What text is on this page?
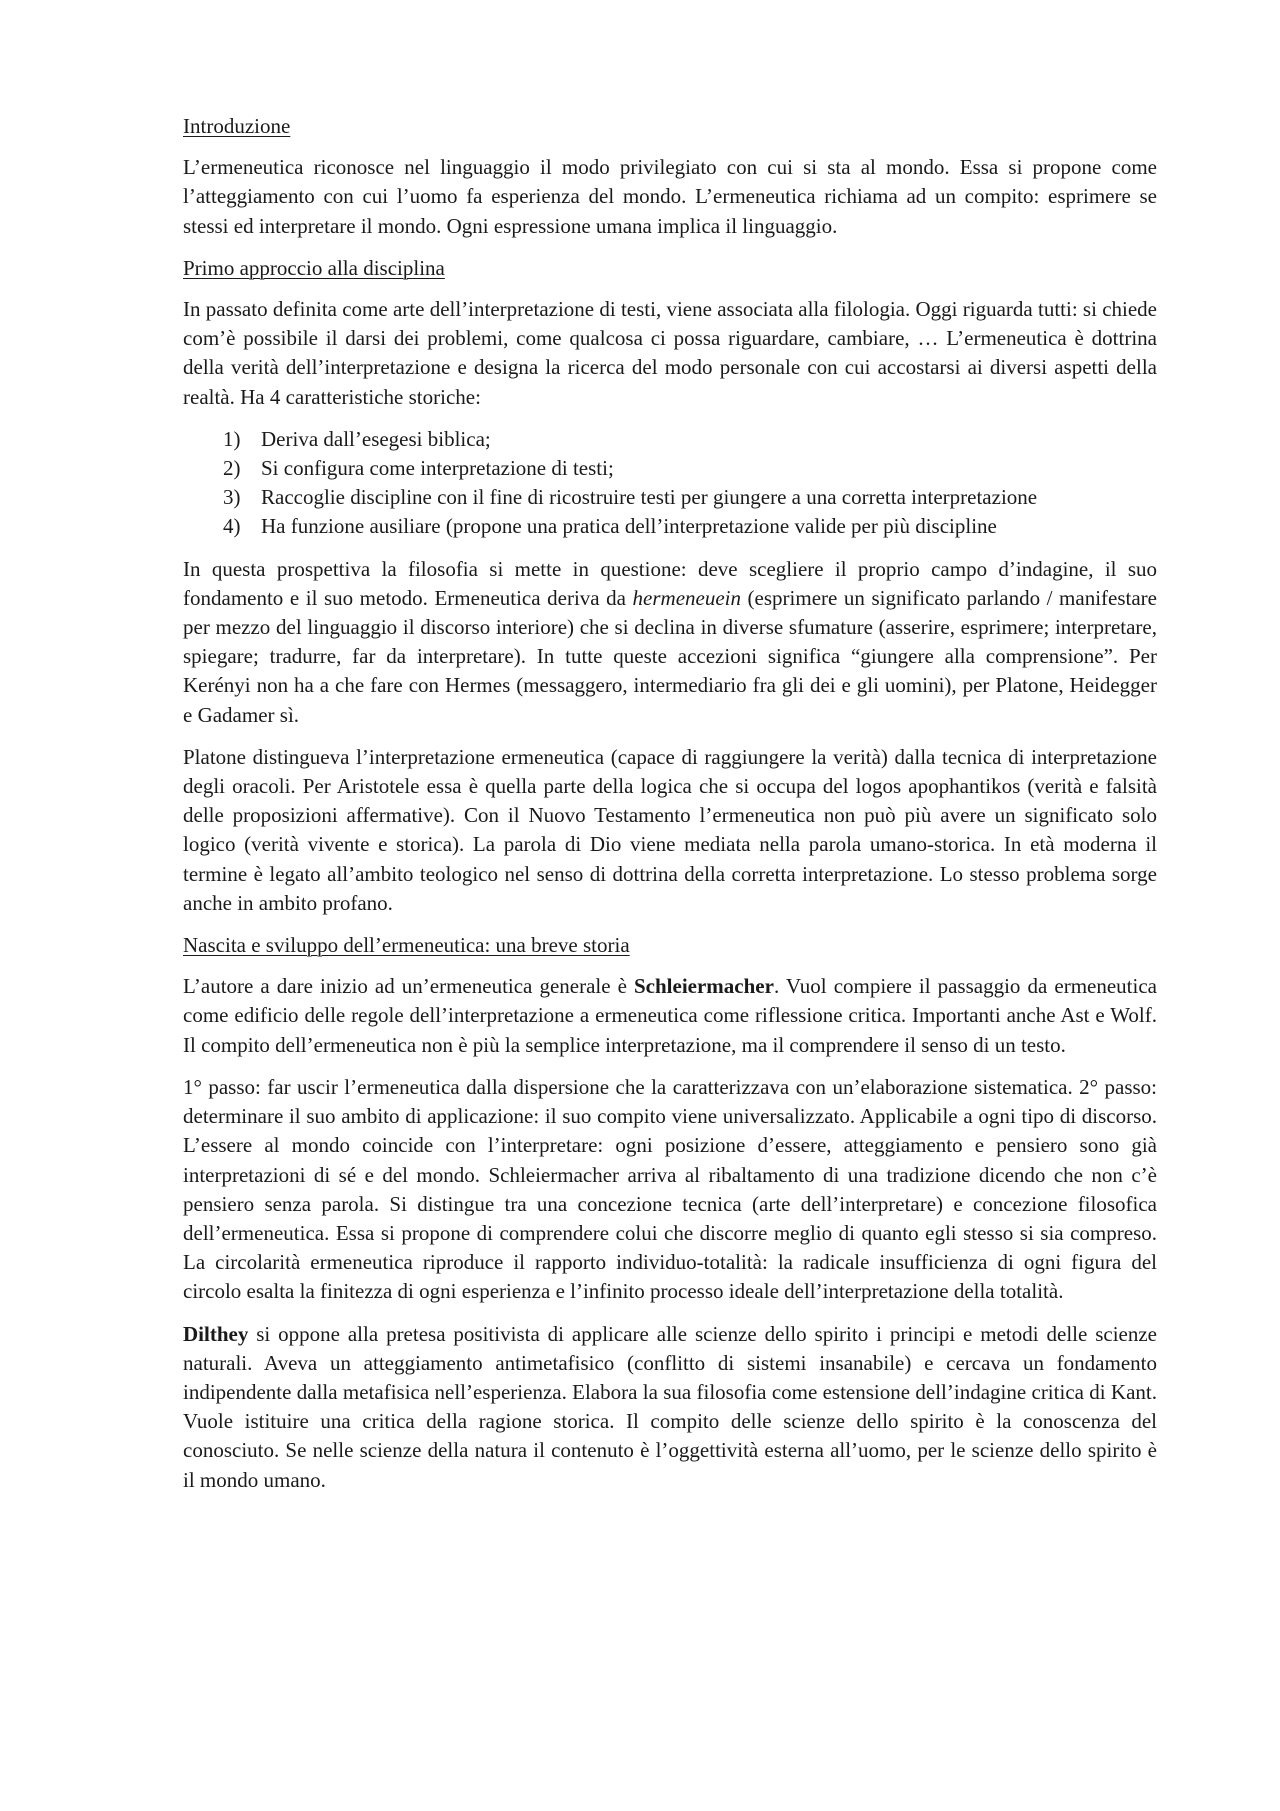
Introduzione

L’ermeneutica riconosce nel linguaggio il modo privilegiato con cui si sta al mondo. Essa si propone come l’atteggiamento con cui l’uomo fa esperienza del mondo. L’ermeneutica richiama ad un compito: esprimere se stessi ed interpretare il mondo. Ogni espressione umana implica il linguaggio.

Primo approccio alla disciplina

In passato definita come arte dell’interpretazione di testi, viene associata alla filologia. Oggi riguarda tutti: si chiede com’è possibile il darsi dei problemi, come qualcosa ci possa riguardare, cambiare, … L’ermeneutica è dottrina della verità dell’interpretazione e designa la ricerca del modo personale con cui accostarsi ai diversi aspetti della realtà. Ha 4 caratteristiche storiche:

1) Deriva dall’esegesi biblica;
2) Si configura come interpretazione di testi;
3) Raccoglie discipline con il fine di ricostruire testi per giungere a una corretta interpretazione
4) Ha funzione ausiliare (propone una pratica dell’interpretazione valide per più discipline

In questa prospettiva la filosofia si mette in questione: deve scegliere il proprio campo d’indagine, il suo fondamento e il suo metodo. Ermeneutica deriva da hermeneuein (esprimere un significato parlando / manifestare per mezzo del linguaggio il discorso interiore) che si declina in diverse sfumature (asserire, esprimere; interpretare, spiegare; tradurre, far da interpretare). In tutte queste accezioni significa “giungere alla comprensione”. Per Kerényi non ha a che fare con Hermes (messaggero, intermediario fra gli dei e gli uomini), per Platone, Heidegger e Gadamer sì.

Platone distingueva l’interpretazione ermeneutica (capace di raggiungere la verità) dalla tecnica di interpretazione degli oracoli. Per Aristotele essa è quella parte della logica che si occupa del logos apophantikos (verità e falsità delle proposizioni affermative). Con il Nuovo Testamento l’ermeneutica non può più avere un significato solo logico (verità vivente e storica). La parola di Dio viene mediata nella parola umano-storica. In età moderna il termine è legato all’ambito teologico nel senso di dottrina della corretta interpretazione. Lo stesso problema sorge anche in ambito profano.

Nascita e sviluppo dell’ermeneutica: una breve storia

L’autore a dare inizio ad un’ermeneutica generale è Schleiermacher. Vuol compiere il passaggio da ermeneutica come edificio delle regole dell’interpretazione a ermeneutica come riflessione critica. Importanti anche Ast e Wolf. Il compito dell’ermeneutica non è più la semplice interpretazione, ma il comprendere il senso di un testo.

1° passo: far uscir l’ermeneutica dalla dispersione che la caratterizzava con un’elaborazione sistematica. 2° passo: determinare il suo ambito di applicazione: il suo compito viene universalizzato. Applicabile a ogni tipo di discorso. L’essere al mondo coincide con l’interpretare: ogni posizione d’essere, atteggiamento e pensiero sono già interpretazioni di sé e del mondo. Schleiermacher arriva al ribaltamento di una tradizione dicendo che non c’è pensiero senza parola. Si distingue tra una concezione tecnica (arte dell’interpretare) e concezione filosofica dell’ermeneutica. Essa si propone di comprendere colui che discorre meglio di quanto egli stesso si sia compreso. La circolarità ermeneutica riproduce il rapporto individuo-totalità: la radicale insufficienza di ogni figura del circolo esalta la finitezza di ogni esperienza e l’infinito processo ideale dell’interpretazione della totalità.

Dilthey si oppone alla pretesa positivista di applicare alle scienze dello spirito i principi e metodi delle scienze naturali. Aveva un atteggiamento antimetafisico (conflitto di sistemi insanabile) e cercava un fondamento indipendente dalla metafisica nell’esperienza. Elabora la sua filosofia come estensione dell’indagine critica di Kant. Vuole istituire una critica della ragione storica. Il compito delle scienze dello spirito è la conoscenza del conosciuto. Se nelle scienze della natura il contenuto è l’oggettività esterna all’uomo, per le scienze dello spirito è il mondo umano.
